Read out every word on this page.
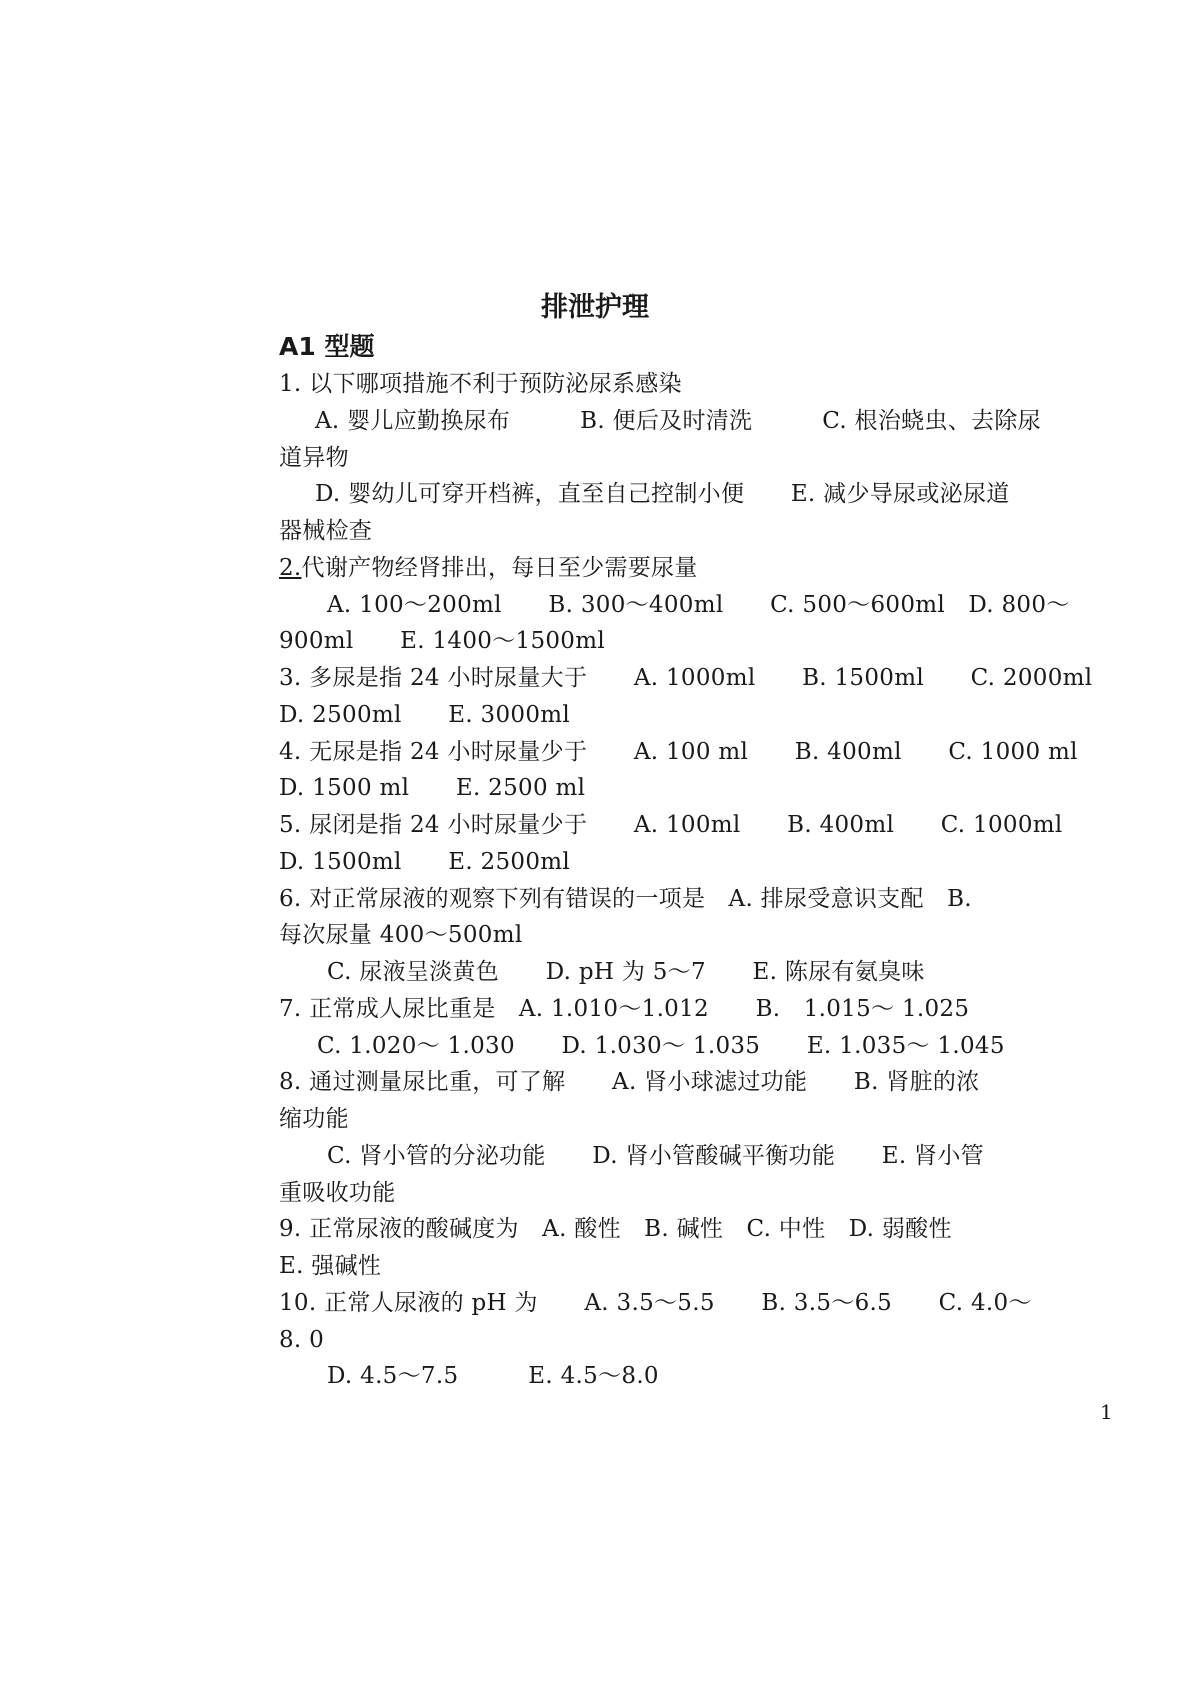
排泄护理
A1 型题
1. 以下哪项措施不利于预防泌尿系感染
A. 婴儿应勤换尿布　　　B. 便后及时清洗　　　C. 根治蛲虫、去除尿
道异物
D. 婴幼儿可穿开档裤，直至自己控制小便　　E. 减少导尿或泌尿道
器械检查
2.代谢产物经肾排出，每日至少需要尿量
A. 100～200ml　　B. 300～400ml　　C. 500～600ml　D. 800～
900ml　　E. 1400～1500ml
3. 多尿是指 24 小时尿量大于　　A. 1000ml　　B. 1500ml　　C. 2000ml
D. 2500ml　　E. 3000ml
4. 无尿是指 24 小时尿量少于　　A. 100 ml　　B. 400ml　　C. 1000 ml
D. 1500 ml　　E. 2500 ml
5. 尿闭是指 24 小时尿量少于　　A. 100ml　　B. 400ml　　C. 1000ml
D. 1500ml　　E. 2500ml
6. 对正常尿液的观察下列有错误的一项是　A. 排尿受意识支配　B.
每次尿量 400～500ml
C. 尿液呈淡黄色　　D. pH 为 5～7　　E. 陈尿有氨臭味
7. 正常成人尿比重是　A. 1.010～1.012　　B.　1.015～ 1.025
C. 1.020～ 1.030　　D. 1.030～ 1.035　　E. 1.035～ 1.045
8. 通过测量尿比重，可了解　　A. 肾小球滤过功能　　B. 肾脏的浓
缩功能
C. 肾小管的分泌功能　　D. 肾小管酸碱平衡功能　　E. 肾小管
重吸收功能
9. 正常尿液的酸碱度为　A. 酸性　B. 碱性　C. 中性　D. 弱酸性
E. 强碱性
10. 正常人尿液的 pH 为　　A. 3.5～5.5　　B. 3.5～6.5　　C. 4.0～
8. 0
D. 4.5～7.5　　　E. 4.5～8.0
1
